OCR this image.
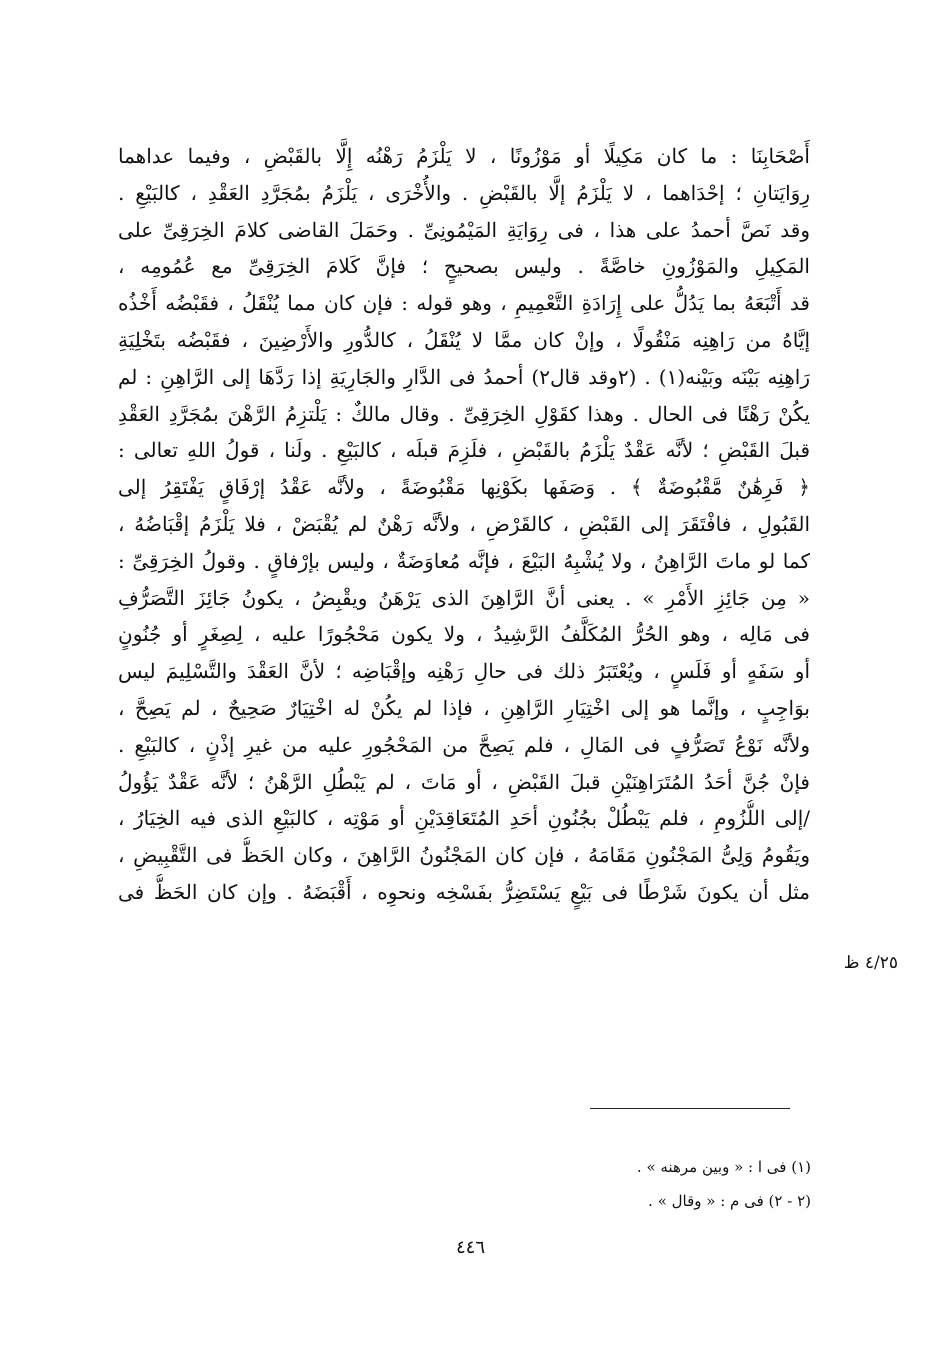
أَصْحَابِنَا : ما كان مَكِيلًا أو مَوْزُونًا ، لا يَلْزَمُ رَهْنُه إِلَّا بالقَبْضِ ، وفيما عداهما
رِوَايَتانِ ؛ إحْدَاهما ، لا يَلْزَمُ إلَّا بالقَبْضِ . والأُخْرَى ، يَلْزَمُ بمُجَرَّدِ العَقْدِ ، كالبَيْعِ .
وقد نَصَّ أحمدُ على هذا ، فى رِوَايَةِ المَيْمُونِىِّ . وحَمَلَ القاضى كلامَ الخِرَقِىِّ على
المَكِيلِ والمَوْزُونِ خاصَّةً . وليس بصحيحٍ ؛ فإنَّ كَلامَ الخِرَقِىِّ مع عُمُومِه ،
قد أَتْبَعَهُ بما يَدُلُّ على إِرَادَةِ التَّعْمِيمِ ، وهو قوله : فإن كان مما يُنْقَلُ ، فقَبْضُه أَخْذُه
إيَّاهُ من رَاهِنِه مَنْقُولًا ، وإنْ كان ممَّا لا يُنْقَلُ ، كالدُّورِ والأَرْضِينَ ، فقَبْضُه بتَخْلِيَةِ
رَاهِنِه بَيْنَه وبَيْنه(١) . (٢وقد قال٢) أحمدُ فى الدَّارِ والجَارِيَةِ إذا رَدَّهَا إلى الرَّاهِنِ : لم
يكُنْ رَهْنًا فى الحال . وهذا كقَوْلِ الخِرَقِىِّ . وقال مالكٌ : يَلْتزِمُ الرَّهْنَ بمُجَرَّدِ العَقْدِ
قبلَ القَبْضِ ؛ لأنَّه عَقْدٌ يَلْزَمُ بالقَبْضِ ، فلَزِمَ قبلَه ، كالبَيْعِ . ولَنا ، قولُ اللهِ تعالى :
﴿ فَرِهَٰنٌ مَّقْبُوضَةٌ ﴾ . وَصَفَها بكَوْنِها مَقْبُوضَةً ، ولأنَّه عَقْدُ إرْفَاقٍ يَفْتَقِرُ إلى
القَبُولِ ، فافْتَقَرَ إلى القَبْضِ ، كالقَرْضِ ، ولأنَّه رَهْنٌ لم يُقْبَضْ ، فلا يَلْزَمُ إقْبَاضُهُ ،
كما لو ماتَ الرَّاهِنُ ، ولا يُشْبِهُ البَيْعَ ، فإنَّه مُعاوَضَةٌ ، وليس بإرْفاقٍ . وقولُ الخِرَقِىِّ :
« مِن جَائِزِ الأَمْرِ » . يعنى أنَّ الرَّاهِنَ الذى يَرْهَنُ ويقْبِضُ ، يكونُ جَائِزَ التَّصَرُّفِ
فى مَالِه ، وهو الحُرُّ المُكَلَّفُ الرَّشِيدُ ، ولا يكون مَحْجُورًا عليه ، لِصِغَرٍ أو جُنُونٍ
أو سَفَهٍ أو فَلَسٍ ، ويُعْتَبَرُ ذلك فى حالِ رَهْنِه وإقْبَاضِه ؛ لأنَّ العَقْدَ والتَّسْلِيمَ ليس
بوَاجِبٍ ، وإنَّما هو إلى اخْتِيَارِ الرَّاهِنِ ، فإذا لم يكُنْ له اخْتِيَارٌ صَحِيحٌ ، لم يَصِحَّ ،
ولأنَّه نَوْعُ تَصَرُّفٍ فى المَالِ ، فلم يَصِحَّ من المَحْجُورِ عليه من غيرِ إذْنٍ ، كالبَيْعِ .
فإنْ جُنَّ أحَدُ المُتَرَاهِنَيْنِ قبلَ القَبْضِ ، أو مَاتَ ، لم يَبْطُلِ الرَّهْنُ ؛ لأنَّه عَقْدٌ يَؤُولُ
/إلى اللُّزُومِ ، فلم يَبْطُلْ بجُنُونِ أحَدِ المُتَعَاقِدَيْنِ أو مَوْتِه ، كالبَيْعِ الذى فيه الخِيَارُ ،
ويَقُومُ وَلِىُّ المَجْنُونِ مَقَامَهُ ، فإن كان المَجْنُونُ الرَّاهِنَ ، وكان الحَظُّ فى التَّقْبِيضِ ،
مثل أن يكونَ شَرْطًا فى بَيْعٍ يَسْتَضِرُّ بفَسْخِه ونحوِه ، أَقْبَضَهُ . وإن كان الحَظُّ فى
٤/٢٥ ظ
(١) فى ا : « وبين مرهنه » .
(٢ - ٢) فى م : « وقال » .
٤٤٦
